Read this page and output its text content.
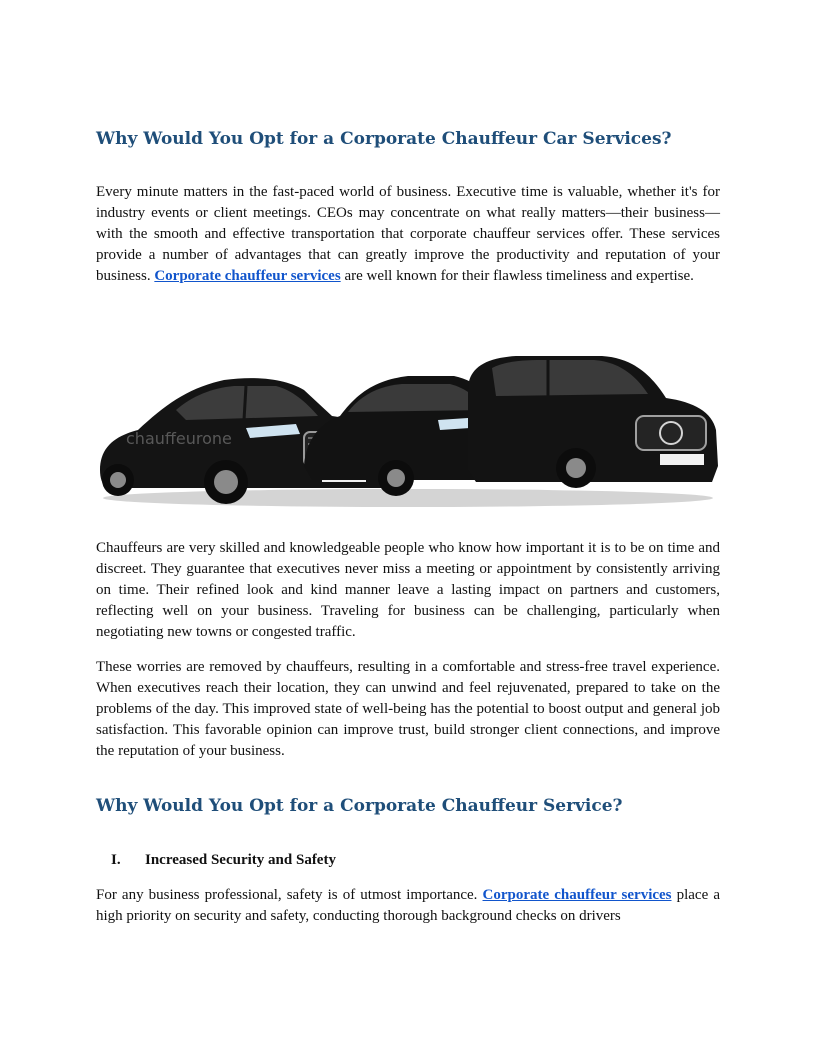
Why Would You Opt for a Corporate Chauffeur Car Services?

Every minute matters in the fast-paced world of business. Executive time is valuable, whether it's for industry events or client meetings. CEOs may concentrate on what really matters—their business—with the smooth and effective transportation that corporate chauffeur services offer. These services provide a number of advantages that can greatly improve the productivity and reputation of your business. Corporate chauffeur services are well known for their flawless timeliness and expertise.

chauffeurone

Chauffeurs are very skilled and knowledgeable people who know how important it is to be on time and discreet. They guarantee that executives never miss a meeting or appointment by consistently arriving on time. Their refined look and kind manner leave a lasting impact on partners and customers, reflecting well on your business. Traveling for business can be challenging, particularly when negotiating new towns or congested traffic.

These worries are removed by chauffeurs, resulting in a comfortable and stress-free travel experience. When executives reach their location, they can unwind and feel rejuvenated, prepared to take on the problems of the day. This improved state of well-being has the potential to boost output and general job satisfaction. This favorable opinion can improve trust, build stronger client connections, and improve the reputation of your business.

Why Would You Opt for a Corporate Chauffeur Service?

I. Increased Security and Safety

For any business professional, safety is of utmost importance. Corporate chauffeur services place a high priority on security and safety, conducting thorough background checks on drivers
